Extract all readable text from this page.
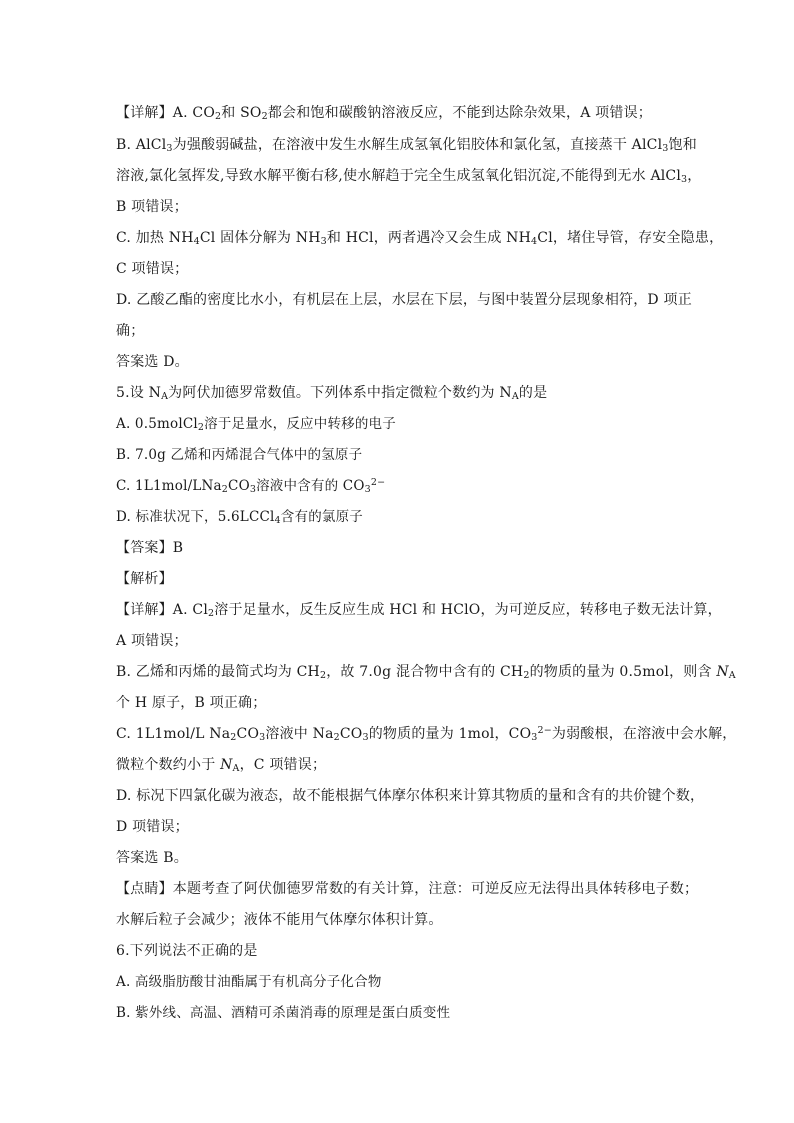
【详解】A. $CO_2$和 $SO_2$都会和饱和碳酸钠溶液反应，不能到达除杂效果，A 项错误；
B. AlCl$_3$为强酸弱碱盐，在溶液中发生水解生成氢氧化铝胶体和氯化氢，直接蒸干 AlCl$_3$饱和
溶液,氯化氢挥发,导致水解平衡右移,使水解趋于完全生成氢氧化铝沉淀,不能得到无水 AlCl$_3$，
B 项错误；
C. 加热 $NH_4Cl$ 固体分解为 $NH_3$和 HCl，两者遇冷又会生成 $NH_4Cl$，堵住导管，存安全隐患，
C 项错误；
D. 乙酸乙酯的密度比水小，有机层在上层，水层在下层，与图中装置分层现象相符，D 项正
确；
答案选 D。
5.设 $N_A$为阿伏加德罗常数值。下列体系中指定微粒个数约为 $N_A$的是
A. 0.5molCl$_2$溶于足量水，反应中转移的电子
B. 7.0g 乙烯和丙烯混合气体中的氢原子
C. $1L1mol/LNa_2CO_3$溶液中含有的 $CO_3^{2-}$
D. 标准状况下，5.6LCCl$_4$含有的氯原子
【答案】B
【解析】
【详解】A. $Cl_2$溶于足量水，反生反应生成 HCl 和 HClO，为可逆反应，转移电子数无法计算，
A 项错误；
B. 乙烯和丙烯的最简式均为 $CH_2$，故 7.0g 混合物中含有的 $CH_2$的物质的量为 0.5mol，则含 $N_A$
个 H 原子，B 项正确；
C. 1L1mol/L $Na_2CO_3$溶液中 $Na_2CO_3$的物质的量为 1mol，$CO_3^{2-}$为弱酸根，在溶液中会水解，
微粒个数约小于 $N_A$，C 项错误；
D. 标况下四氯化碳为液态，故不能根据气体摩尔体积来计算其物质的量和含有的共价键个数，
D 项错误；
答案选 B。
【点睛】本题考查了阿伏伽德罗常数的有关计算，注意：可逆反应无法得出具体转移电子数；
水解后粒子会减少；液体不能用气体摩尔体积计算。
6.下列说法不正确的是
A. 高级脂肪酸甘油酯属于有机高分子化合物
B. 紫外线、高温、酒精可杀菌消毒的原理是蛋白质变性
